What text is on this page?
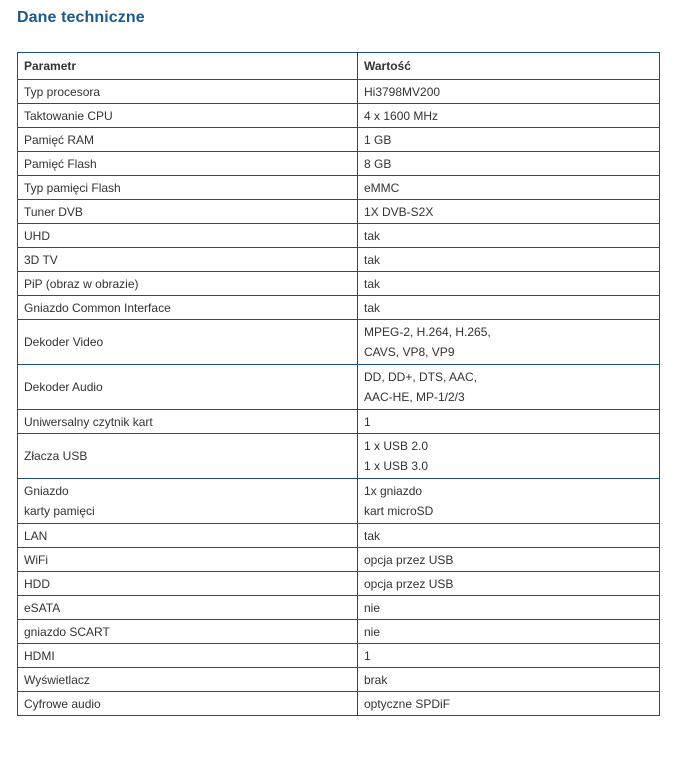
Dane techniczne
Parametr	Wartość

Typ procesora	Hi3798MV200

Taktowanie CPU	4 x 1600 MHz

Pamięć RAM	1 GB

Pamięć Flash	8 GB

Typ pamięci Flash	eMMC

Tuner DVB	1X DVB-S2X

UHD	tak

3D TV	tak

PiP (obraz w obrazie)	tak

Gniazdo Common Interface	tak

Dekoder Video	MPEG-2, H.264, H.265,
CAVS, VP8, VP9

Dekoder Audio	DD, DD+, DTS, AAC,
AAC-HE, MP-1/2/3

Uniwersalny czytnik kart	1

Złacza USB	1 x USB 2.0
1 x USB 3.0

Gniazdo
karty pamięci	1x gniazdo
kart microSD

LAN	tak

WiFi	opcja przez USB

HDD	opcja przez USB

eSATA	nie

gniazdo SCART	nie

HDMI	1

Wyświetlacz	brak

Cyfrowe audio	optyczne SPDiF
